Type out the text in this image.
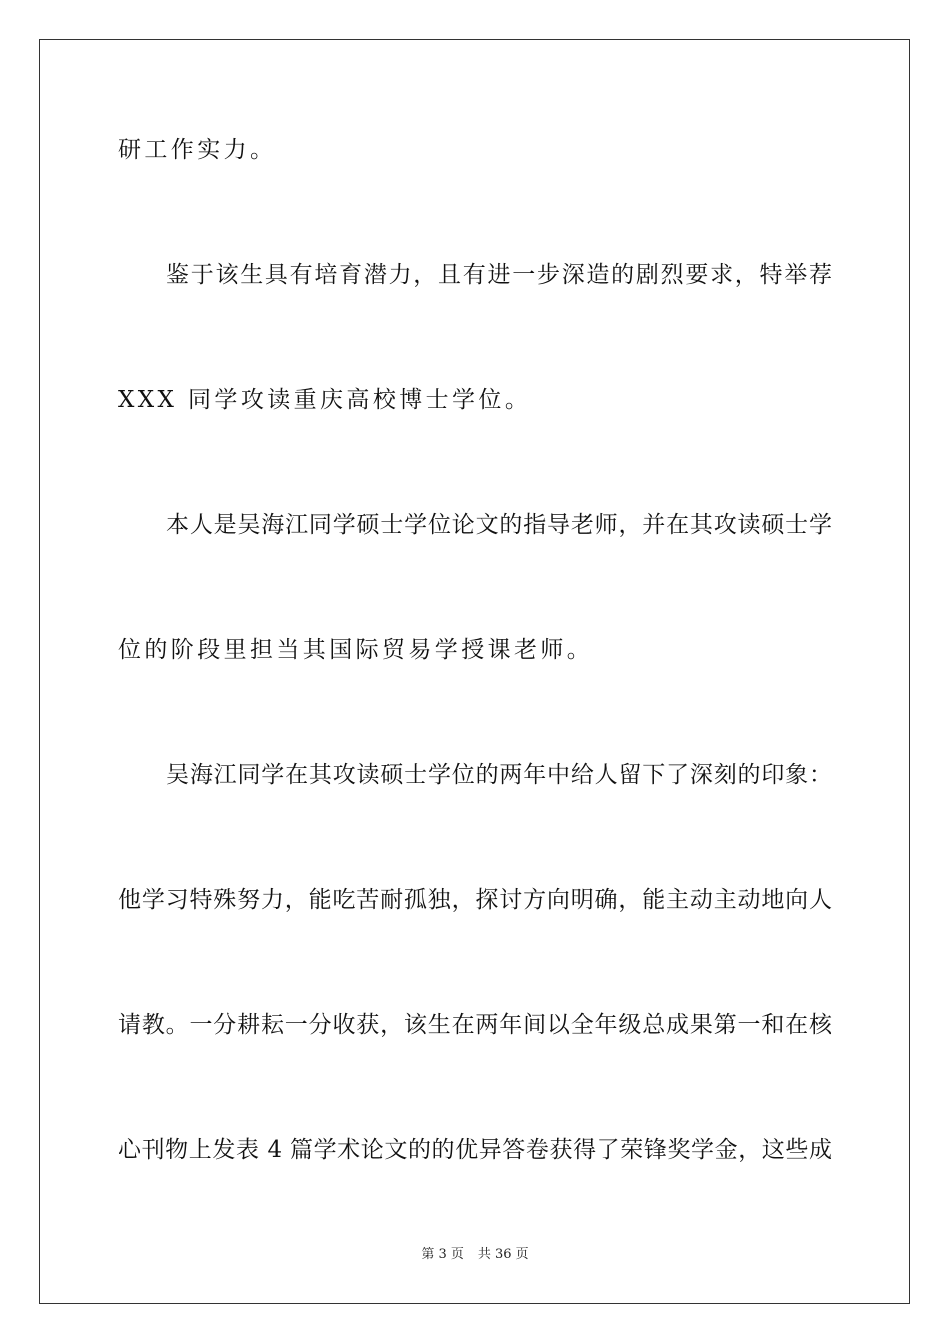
研工作实力。
鉴于该生具有培育潜力，且有进一步深造的剧烈要求，特举荐
XXX 同学攻读重庆高校博士学位。
本人是吴海江同学硕士学位论文的指导老师，并在其攻读硕士学
位的阶段里担当其国际贸易学授课老师。
吴海江同学在其攻读硕士学位的两年中给人留下了深刻的印象：
他学习特殊努力，能吃苦耐孤独，探讨方向明确，能主动主动地向人
请教。一分耕耘一分收获，该生在两年间以全年级总成果第一和在核
心刊物上发表 4 篇学术论文的的优异答卷获得了荣锋奖学金，这些成
第 3 页 共 36 页
